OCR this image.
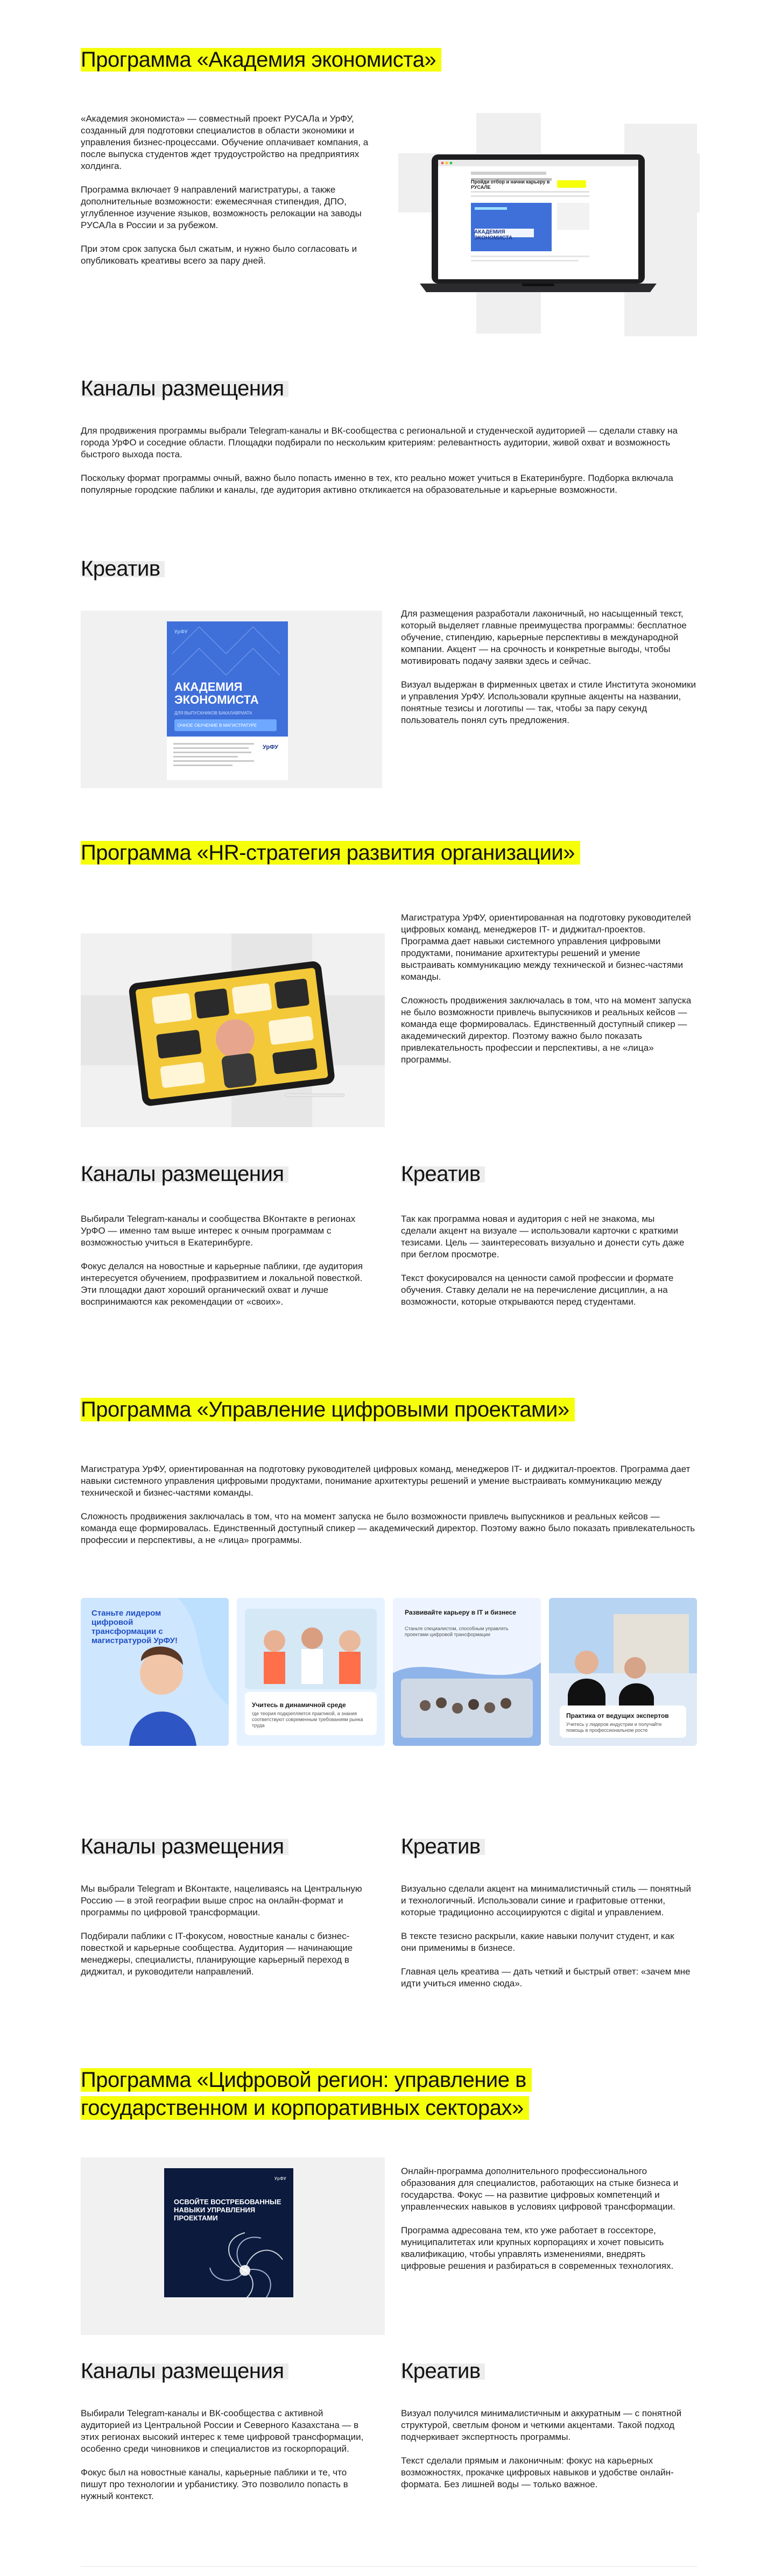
Программа «Академия экономиста»

«Академия экономиста» — совместный проект РУСАЛа и УрФУ, созданный для подготовки специалистов в области экономики и управления бизнес-процессами. Обучение оплачивает компания, а после выпуска студентов ждет трудоустройство на предприятиях холдинга.

Программа включает 9 направлений магистратуры, а также дополнительные возможности: ежемесячная стипендия, ДПО, углубленное изучение языков, возможность релокации на заводы РУСАЛа в России и за рубежом.

При этом срок запуска был сжатым, и нужно было согласовать и опубликовать креативы всего за пару дней.

Пройди отбор и начни карьеру в РУСАЛЕ
АКАДЕМИЯ ЭКОНОМИСТА
Каналы размещения

Для продвижения программы выбрали Telegram-каналы и ВК-сообщества с региональной и студенческой аудиторией — сделали ставку на города УрФО и соседние области. Площадки подбирали по нескольким критериям: релевантность аудитории, живой охват и возможность быстрого выхода поста.

Поскольку формат программы очный, важно было попасть именно в тех, кто реально может учиться в Екатеринбурге. Подборка включала популярные городские паблики и каналы, где аудитория активно откликается на образовательные и карьерные возможности.

Креатив
УрФУ
АКАДЕМИЯ ЭКОНОМИСТА
ДЛЯ ВЫПУСКНИКОВ БАКАЛАВРИАТА
ОЧНОЕ ОБУЧЕНИЕ В МАГИСТРАТУРЕ
УрФУ

Для размещения разработали лаконичный, но насыщенный текст, который выделяет главные преимущества программы: бесплатное обучение, стипендию, карьерные перспективы в международной компании. Акцент — на срочность и конкретные выгоды, чтобы мотивировать подачу заявки здесь и сейчас.

Визуал выдержан в фирменных цветах и стиле Института экономики и управления УрФУ. Использовали крупные акценты на названии, понятные тезисы и логотипы — так, чтобы за пару секунд пользователь понял суть предложения.

Программа «HR-стратегия развития организации»

Магистратура УрФУ, ориентированная на подготовку руководителей цифровых команд, менеджеров IT- и диджитал-проектов. Программа дает навыки системного управления цифровыми продуктами, понимание архитектуры решений и умение выстраивать коммуникацию между технической и бизнес-частями команды.

Сложность продвижения заключалась в том, что на момент запуска не было возможности привлечь выпускников и реальных кейсов — команда еще формировалась. Единственный доступный спикер — академический директор. Поэтому важно было показать привлекательность профессии и перспективы, а не «лица» программы.

Каналы размещения

Выбирали Telegram-каналы и сообщества ВКонтакте в регионах УрФО — именно там выше интерес к очным программам с возможностью учиться в Екатеринбурге.

Фокус делался на новостные и карьерные паблики, где аудитория интересуется обучением, профразвитием и локальной повесткой. Эти площадки дают хороший органический охват и лучше воспринимаются как рекомендации от «своих».

Креатив

Так как программа новая и аудитория с ней не знакома, мы сделали акцент на визуале — использовали карточки с краткими тезисами. Цель — заинтересовать визуально и донести суть даже при беглом просмотре.

Текст фокусировался на ценности самой профессии и формате обучения. Ставку делали не на перечисление дисциплин, а на возможности, которые открываются перед студентами.

Программа «Управление цифровыми проектами»

Магистратура УрФУ, ориентированная на подготовку руководителей цифровых команд, менеджеров IT- и диджитал-проектов. Программа дает навыки системного управления цифровыми продуктами, понимание архитектуры решений и умение выстраивать коммуникацию между технической и бизнес-частями команды.

Сложность продвижения заключалась в том, что на момент запуска не было возможности привлечь выпускников и реальных кейсов — команда еще формировалась. Единственный доступный спикер — академический директор. Поэтому важно было показать привлекательность профессии и перспективы, а не «лица» программы.

Станьте лидером цифровой трансформации с магистратурой УрФУ!
Учитесь в динамичной среде
где теория подкрепляется практикой, а знания соответствуют современным требованиям рынка труда
Развивайте карьеру в IT и бизнесе
Станьте специалистом, способным управлять проектами цифровой трансформации
Практика от ведущих экспертов
Учитесь у лидеров индустрии и получайте помощь в профессиональном росте
Каналы размещения

Мы выбрали Telegram и ВКонтакте, нацеливаясь на Центральную Россию — в этой географии выше спрос на онлайн-формат и программы по цифровой трансформации.

Подбирали паблики с IT-фокусом, новостные каналы с бизнес-повесткой и карьерные сообщества. Аудитория — начинающие менеджеры, специалисты, планирующие карьерный переход в диджитал, и руководители направлений.

Креатив

Визуально сделали акцент на минималистичный стиль — понятный и технологичный. Использовали синие и графитовые оттенки, которые традиционно ассоциируются с digital и управлением.

В тексте тезисно раскрыли, какие навыки получит студент, и как они применимы в бизнесе.

Главная цель креатива — дать четкий и быстрый ответ: «зачем мне идти учиться именно сюда».

Программа «Цифровой регион: управление в государственном и корпоративных секторах»
УрФУ
ОСВОЙТЕ ВОСТРЕБОВАННЫЕ НАВЫКИ УПРАВЛЕНИЯ ПРОЕКТАМИ

Онлайн-программа дополнительного профессионального образования для специалистов, работающих на стыке бизнеса и государства. Фокус — на развитие цифровых компетенций и управленческих навыков в условиях цифровой трансформации.

Программа адресована тем, кто уже работает в госсекторе, муниципалитетах или крупных корпорациях и хочет повысить квалификацию, чтобы управлять изменениями, внедрять цифровые решения и разбираться в современных технологиях.

Каналы размещения

Выбирали Telegram-каналы и ВК-сообщества с активной аудиторией из Центральной России и Северного Казахстана — в этих регионах высокий интерес к теме цифровой трансформации, особенно среди чиновников и специалистов из госкорпораций.

Фокус был на новостные каналы, карьерные паблики и те, что пишут про технологии и урбанистику. Это позволило попасть в нужный контекст.

Креатив

Визуал получился минималистичным и аккуратным — с понятной структурой, светлым фоном и четкими акцентами. Такой подход подчеркивает экспертность программы.

Текст сделали прямым и лаконичным: фокус на карьерных возможностях, прокачке цифровых навыков и удобстве онлайн-формата. Без лишней воды — только важное.
